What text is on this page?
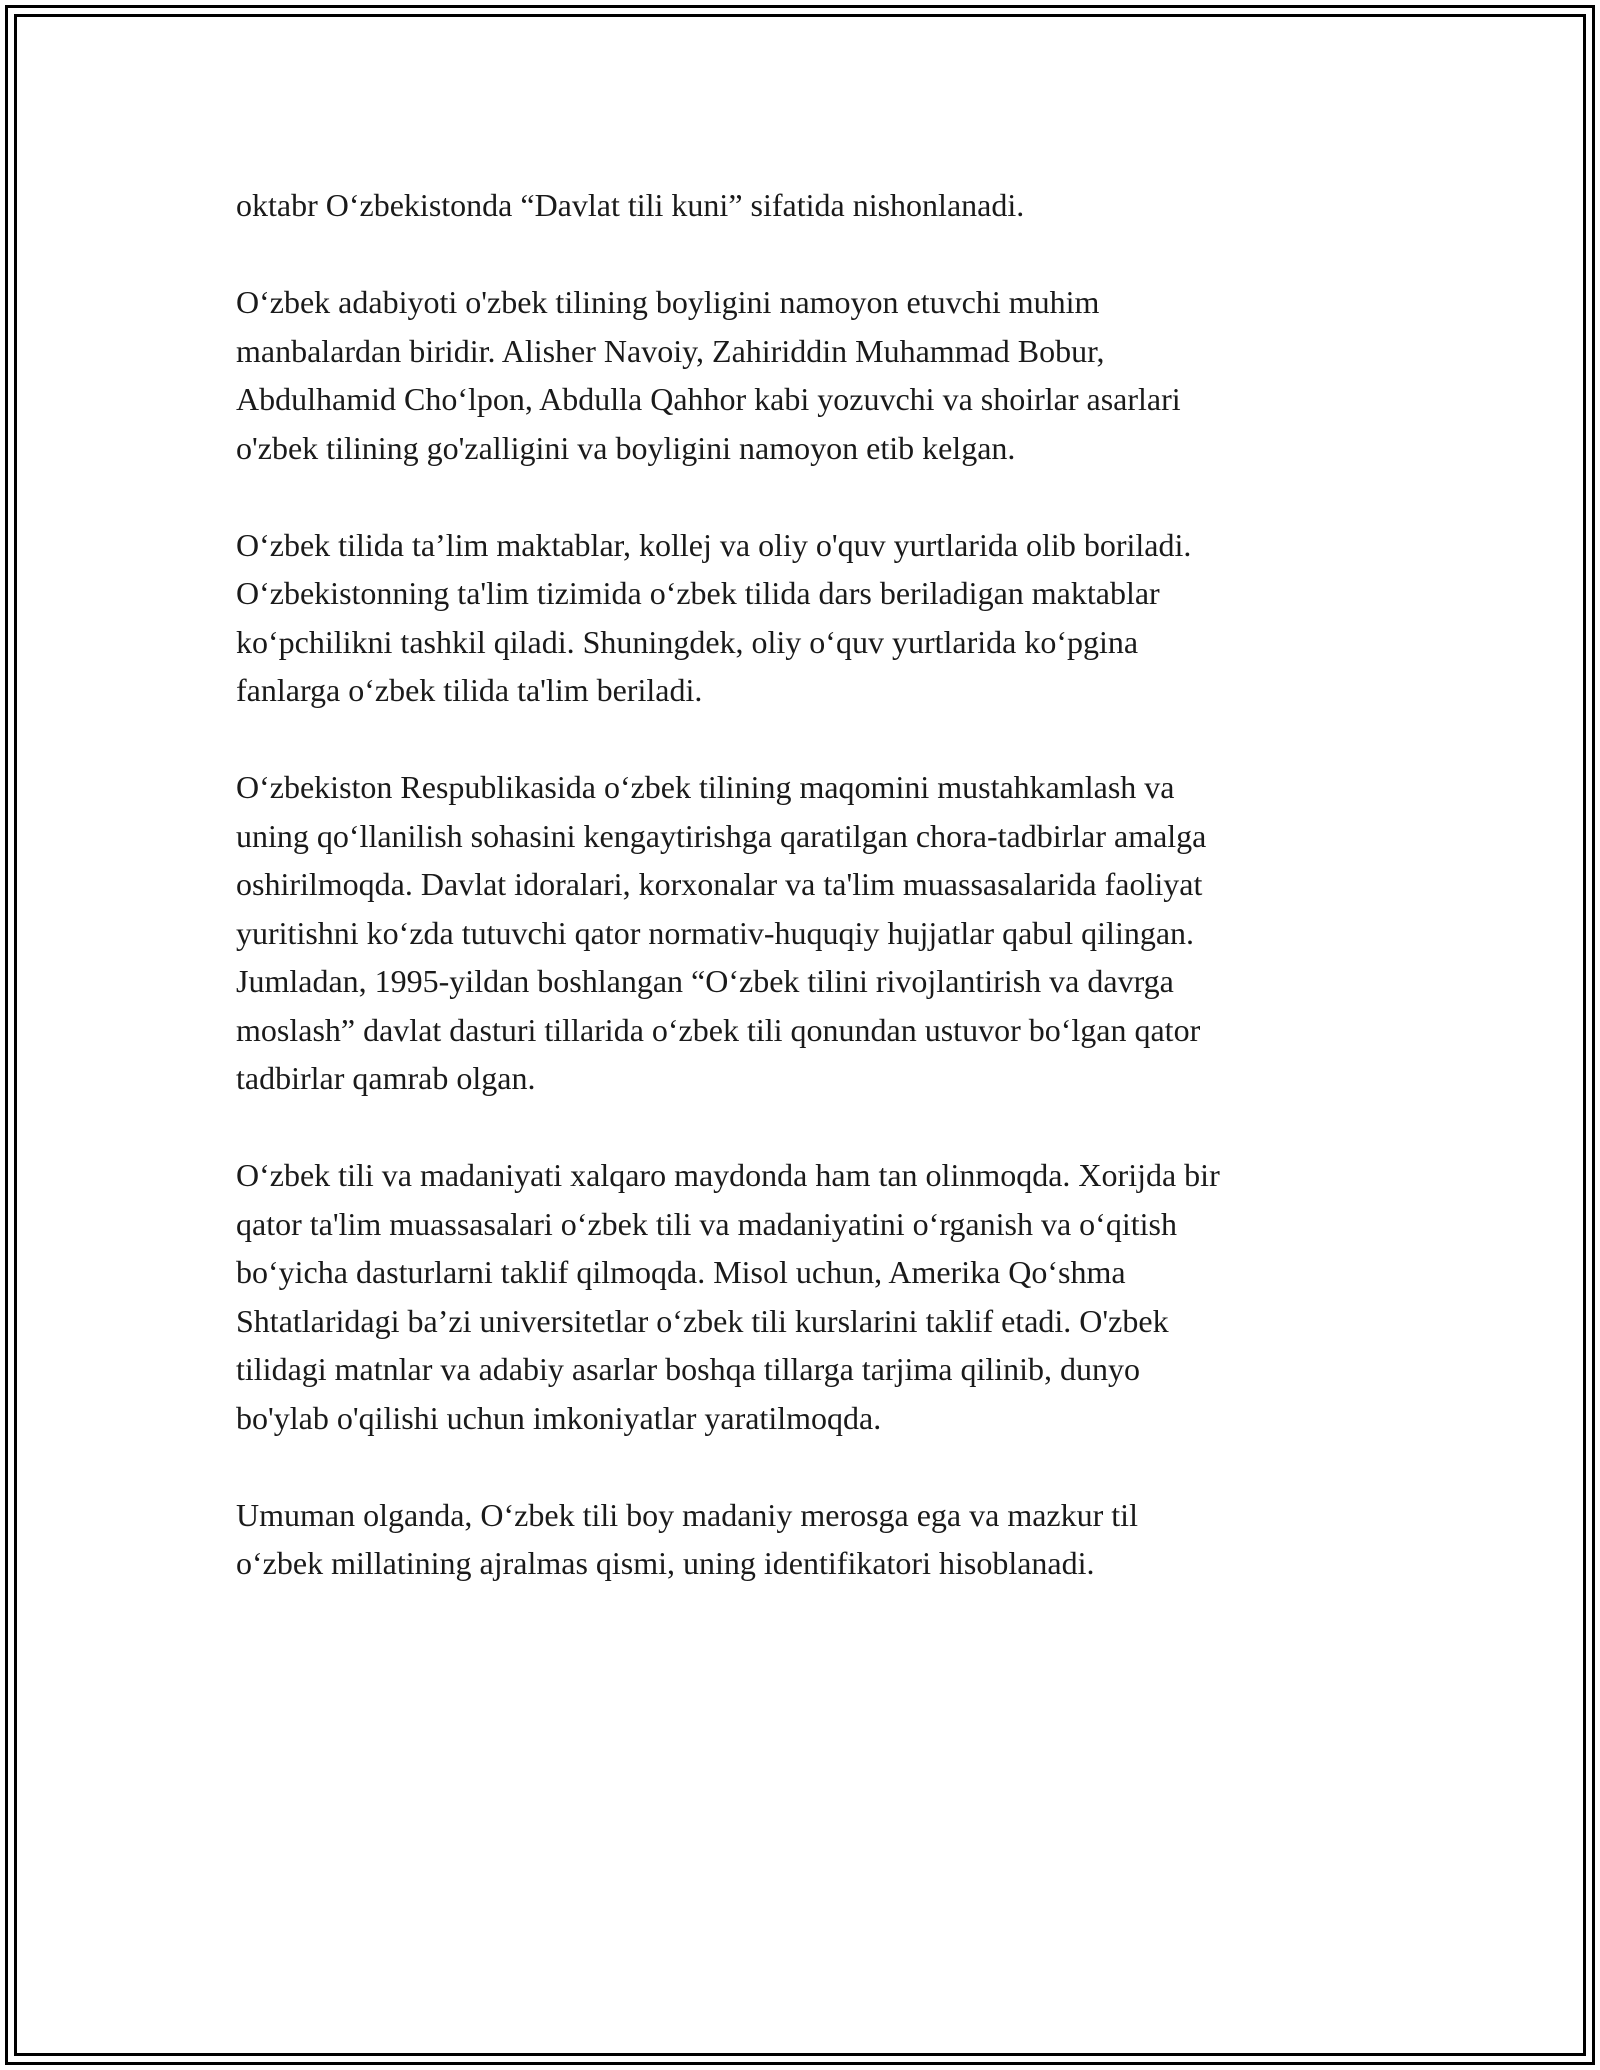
oktabr O‘zbekistonda “Davlat tili kuni” sifatida nishonlanadi.

O‘zbek adabiyoti o'zbek tilining boyligini namoyon etuvchi muhim
manbalardan biridir. Alisher Navoiy, Zahiriddin Muhammad Bobur,
Abdulhamid Cho‘lpon, Abdulla Qahhor kabi yozuvchi va shoirlar asarlari
o'zbek tilining go'zalligini va boyligini namoyon etib kelgan.

O‘zbek tilida ta’lim maktablar, kollej va oliy o'quv yurtlarida olib boriladi.
O‘zbekistonning ta'lim tizimida o‘zbek tilida dars beriladigan maktablar
ko‘pchilikni tashkil qiladi. Shuningdek, oliy o‘quv yurtlarida ko‘pgina
fanlarga o‘zbek tilida ta'lim beriladi.

O‘zbekiston Respublikasida o‘zbek tilining maqomini mustahkamlash va
uning qo‘llanilish sohasini kengaytirishga qaratilgan chora-tadbirlar amalga
oshirilmoqda. Davlat idoralari, korxonalar va ta'lim muassasalarida faoliyat
yuritishni ko‘zda tutuvchi qator normativ-huquqiy hujjatlar qabul qilingan.
Jumladan, 1995-yildan boshlangan “O‘zbek tilini rivojlantirish va davrga
moslash” davlat dasturi tillarida o‘zbek tili qonundan ustuvor bo‘lgan qator
tadbirlar qamrab olgan.

O‘zbek tili va madaniyati xalqaro maydonda ham tan olinmoqda. Xorijda bir
qator ta'lim muassasalari o‘zbek tili va madaniyatini o‘rganish va o‘qitish
bo‘yicha dasturlarni taklif qilmoqda. Misol uchun, Amerika Qo‘shma
Shtatlaridagi ba’zi universitetlar o‘zbek tili kurslarini taklif etadi. O'zbek
tilidagi matnlar va adabiy asarlar boshqa tillarga tarjima qilinib, dunyo
bo'ylab o'qilishi uchun imkoniyatlar yaratilmoqda.

Umuman olganda, O‘zbek tili boy madaniy merosga ega va mazkur til
o‘zbek millatining ajralmas qismi, uning identifikatori hisoblanadi.
